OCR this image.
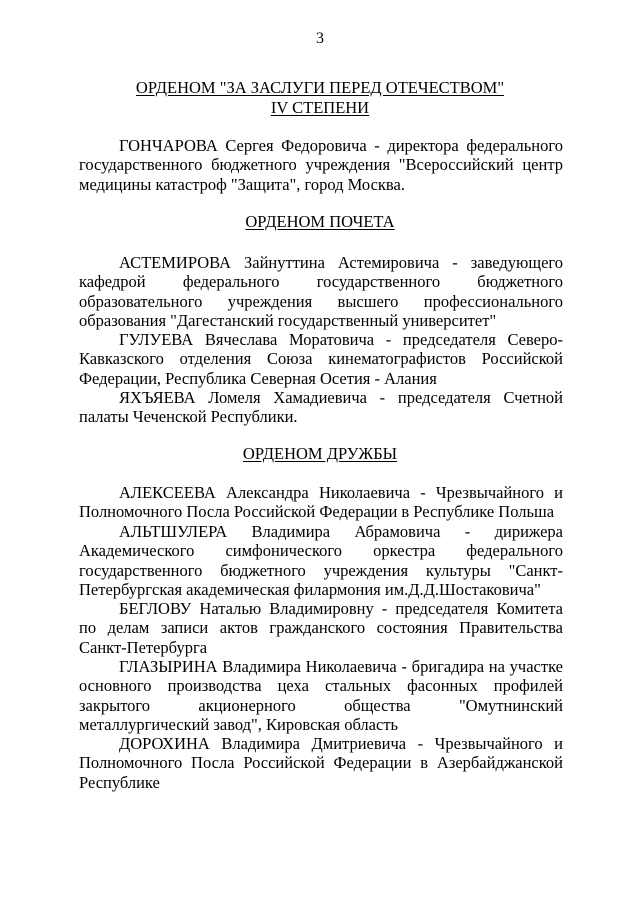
3
ОРДЕНОМ "ЗА ЗАСЛУГИ ПЕРЕД ОТЕЧЕСТВОМ"
IV СТЕПЕНИ

ГОНЧАРОВА Сергея Федоровича - директора федерального государственного бюджетного учреждения "Всероссийский центр медицины катастроф "Защита", город Москва.

ОРДЕНОМ ПОЧЕТА

АСТЕМИРОВА Зайнуттина Астемировича - заведующего кафедрой федерального государственного бюджетного образовательного учреждения высшего профессионального образования "Дагестанский государственный университет"

ГУЛУЕВА Вячеслава Моратовича - председателя Северо-Кавказского отделения Союза кинематографистов Российской Федерации, Республика Северная Осетия - Алания

ЯХЪЯЕВА Ломеля Хамадиевича - председателя Счетной палаты Чеченской Республики.

ОРДЕНОМ ДРУЖБЫ

АЛЕКСЕЕВА Александра Николаевича - Чрезвычайного и Полномочного Посла Российской Федерации в Республике Польша

АЛЬТШУЛЕРА Владимира Абрамовича - дирижера Академического симфонического оркестра федерального государственного бюджетного учреждения культуры "Санкт-Петербургская академическая филармония им.Д.Д.Шостаковича"

БЕГЛОВУ Наталью Владимировну - председателя Комитета по делам записи актов гражданского состояния Правительства Санкт-Петербурга

ГЛАЗЫРИНА Владимира Николаевича - бригадира на участке основного производства цеха стальных фасонных профилей закрытого акционерного общества "Омутнинский металлургический завод", Кировская область

ДОРОХИНА Владимира Дмитриевича - Чрезвычайного и Полномочного Посла Российской Федерации в Азербайджанской Республике
